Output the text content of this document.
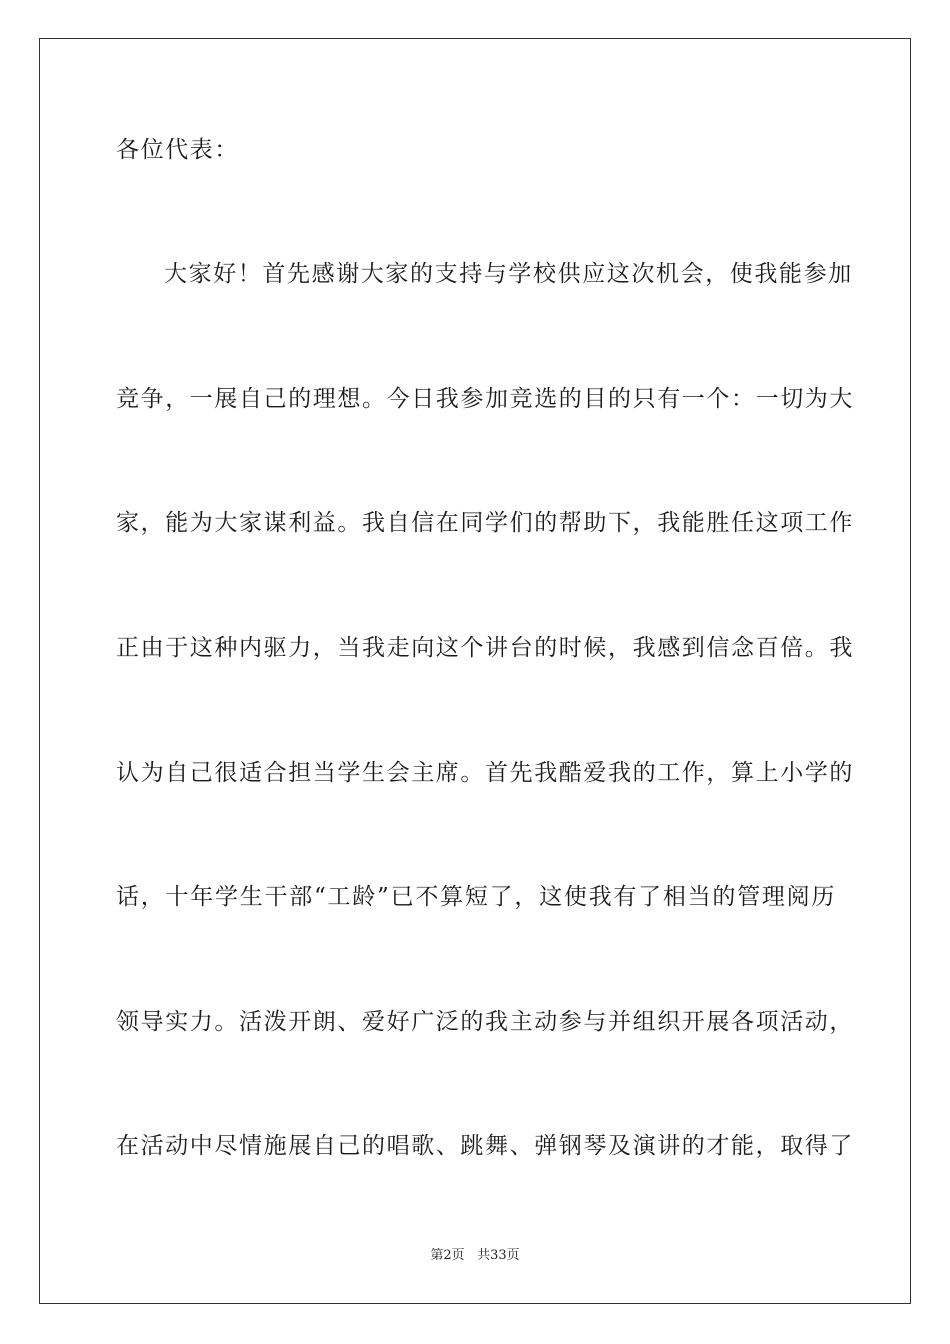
各位代表：
大家好！首先感谢大家的支持与学校供应这次机会，使我能参加
竞争，一展自己的理想。今日我参加竞选的目的只有一个：一切为大
家，能为大家谋利益。我自信在同学们的帮助下，我能胜任这项工作
正由于这种内驱力，当我走向这个讲台的时候，我感到信念百倍。我
认为自己很适合担当学生会主席。首先我酷爱我的工作，算上小学的
话，十年学生干部“工龄”已不算短了，这使我有了相当的管理阅历
领导实力。活泼开朗、爱好广泛的我主动参与并组织开展各项活动，
在活动中尽情施展自己的唱歌、跳舞、弹钢琴及演讲的才能，取得了
第2页 共33页
